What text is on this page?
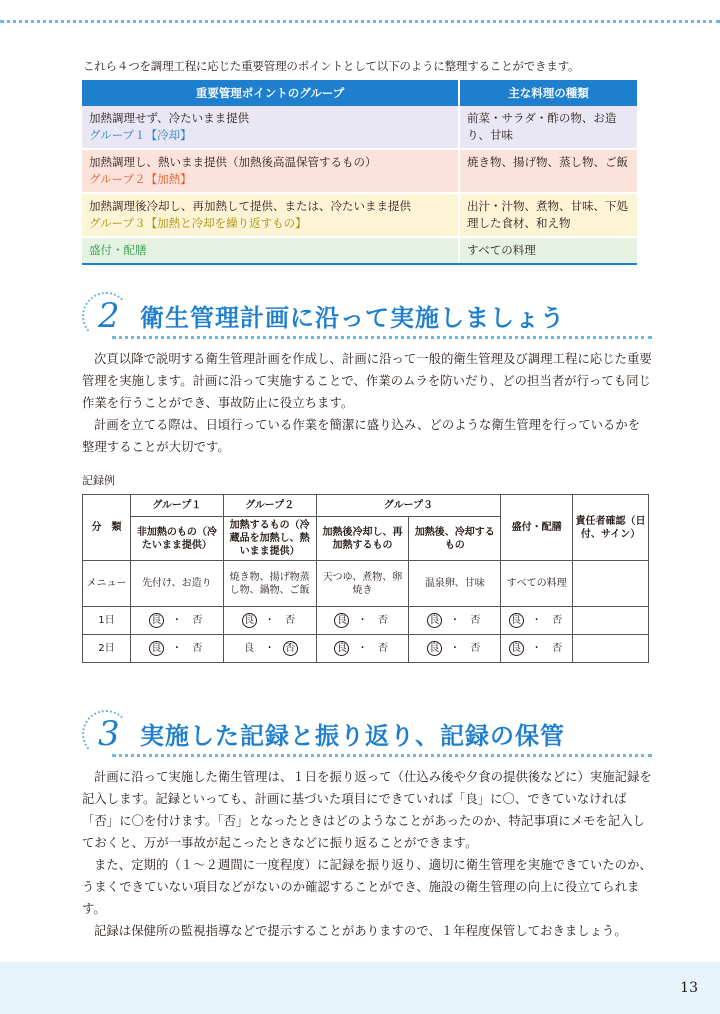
これら４つを調理工程に応じた重要管理のポイントとして以下のように整理することができます。
重要管理ポイントのグループ	主な料理の種類

加熱調理せず、冷たいまま提供
グループ１【冷却】	前菜・サラダ・酢の物、お造り、甘味

加熱調理し、熱いまま提供（加熱後高温保管するもの）
グループ２【加熱】	焼き物、揚げ物、蒸し物、ご飯

加熱調理後冷却し、再加熱して提供、または、冷たいまま提供
グループ３【加熱と冷却を繰り返すもの】	出汁・汁物、煮物、甘味、下処理した食材、和え物

盛付・配膳	すべての料理
2 衛生管理計画に沿って実施しましょう

次頁以降で説明する衛生管理計画を作成し、計画に沿って一般的衛生管理及び調理工程に応じた重要管理を実施します。計画に沿って実施することで、作業のムラを防いだり、どの担当者が行っても同じ作業を行うことができ、事故防止に役立ちます。

計画を立てる際は、日頃行っている作業を簡潔に盛り込み、どのような衛生管理を行っているかを整理することが大切です。

記録例
分　類	グループ１	グループ２	グループ３		盛付・配膳	責任者確認（日付、サイン）
	非加熱のもの（冷たいまま提供）	加熱するもの（冷蔵品を加熱し、熱いまま提供）	加熱後冷却し、再加熱するもの	加熱後、冷却するもの		
メニュー	先付け、お造り	焼き物、揚げ物蒸し物、鍋物、ご飯	天つゆ、煮物、卵焼き	温泉卵、甘味	すべての料理	
1日	良 ・ 否	良 ・ 否	良 ・ 否	良 ・ 否	良 ・ 否	
2日	良 ・ 否	良 ・ 否	良 ・ 否	良 ・ 否	良 ・ 否	
3 実施した記録と振り返り、記録の保管

計画に沿って実施した衛生管理は、１日を振り返って（仕込み後や夕食の提供後などに）実施記録を記入します。記録といっても、計画に基づいた項目にできていれば「良」に〇、できていなければ「否」に〇を付けます。「否」となったときはどのようなことがあったのか、特記事項にメモを記入しておくと、万が一事故が起こったときなどに振り返ることができます。

また、定期的（１～２週間に一度程度）に記録を振り返り、適切に衛生管理を実施できていたのか、うまくできていない項目などがないのか確認することができ、施設の衛生管理の向上に役立てられます。

記録は保健所の監視指導などで提示することがありますので、１年程度保管しておきましょう。

13
